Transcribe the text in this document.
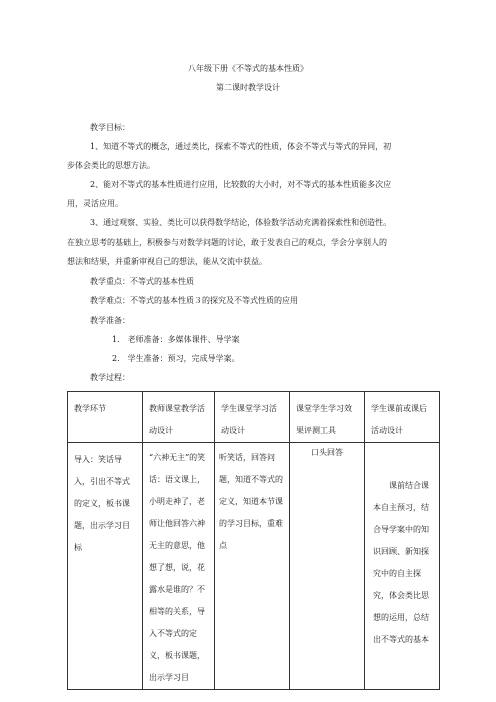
八年级下册《不等式的基本性质》
第二课时教学设计
教学目标：
1、知道不等式的概念，通过类比，探索不等式的性质，体会不等式与等式的异同，初
步体会类比的思想方法。
2、能对不等式的基本性质进行应用，比较数的大小时，对不等式的基本性质能多次应
用，灵活应用。
3、通过观察、实验、类比可以获得数学结论，体验数学活动充满着探索性和创造性。
在独立思考的基础上，积极参与对数学问题的讨论，敢于发表自己的观点，学会分享别人的
想法和结果，并重新审视自己的想法，能从交流中获益。
教学重点：不等式的基本性质
教学难点：不等式的基本性质３的探究及不等式性质的应用
教学准备：
1.　老师准备：多媒体课件、导学案
2.　学生准备：预习，完成导学案。
教学过程：
教学环节	教师课堂教学活动设计	学生课堂学习活动设计	课堂学生学习效果评测工具	学生课前或课后活动设计

导入：笑话导入，引出不等式的定义，板书课题，出示学习目标	“六神无主”的笑话：语文课上，小明走神了，老师让他回答六神无主的意思，他想了想，说，花露水是谁的？不相等的关系，导入不等式的定义，板书课题，出示学习目	听笑话，回答问题，知道不等式的定义，知道本节课的学习目标，重难点	口头回答	课前结合课本自主预习，结合导学案中的知识回顾、新知探究中的自主探究，体会类比思想的运用，总结出不等式的基本
